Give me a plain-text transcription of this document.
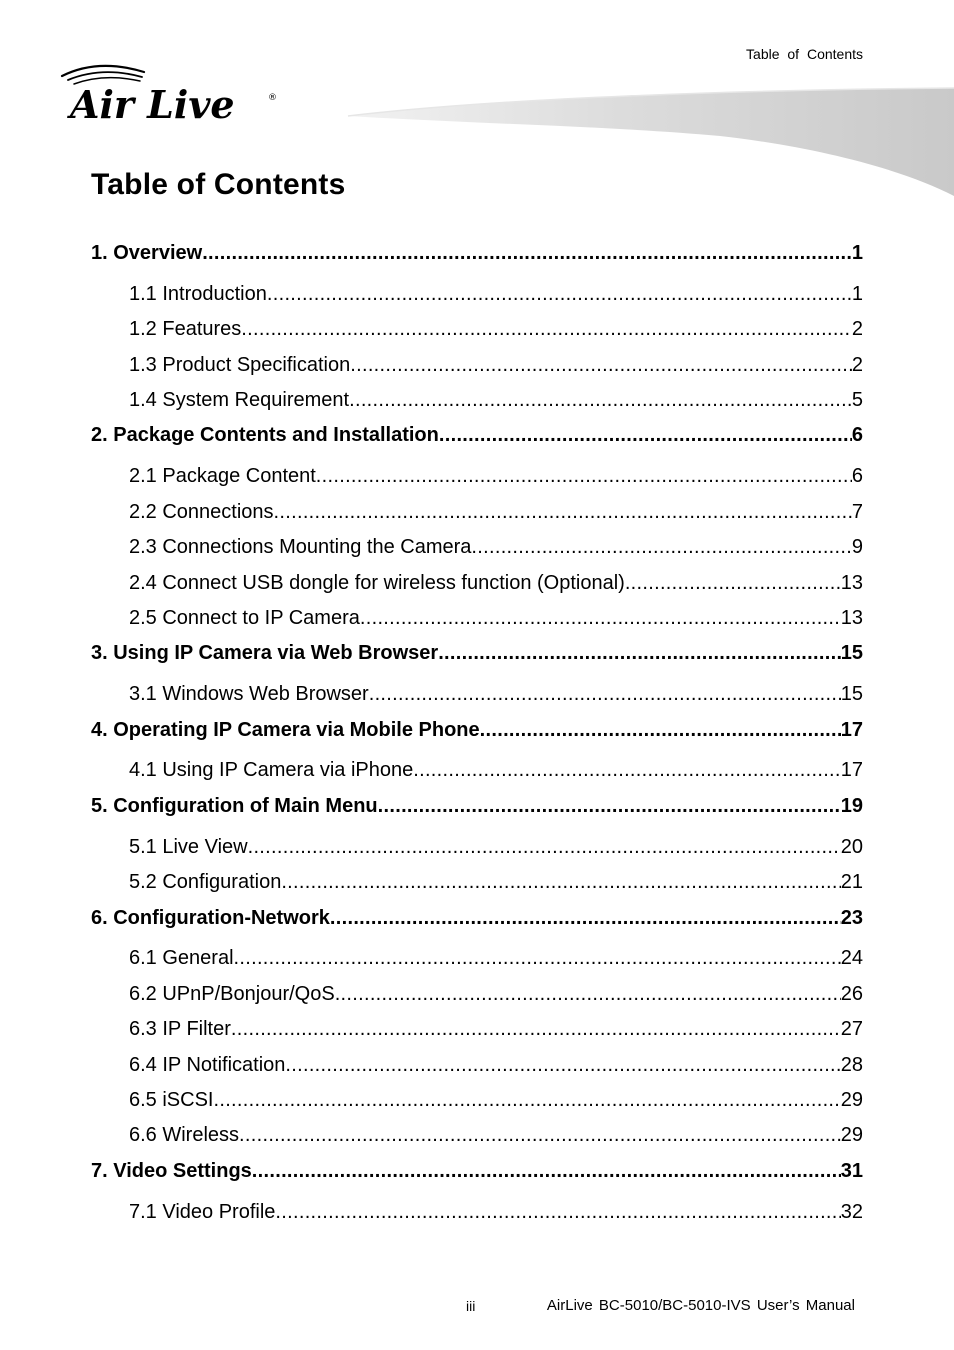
Table of Contents
Air Live	®
Table of Contents
1. Overview .....	1
1.1 Introduction .....	1
1.2 Features .....	2
1.3 Product Specification .....	2
1.4 System Requirement .....	5
2. Package Contents and Installation .....	6
2.1 Package Content .....	6
2.2 Connections .....	7
2.3 Connections Mounting the Camera .....	9
2.4 Connect USB dongle for wireless function (Optional) .....	13
2.5 Connect to IP Camera .....	13
3. Using IP Camera via Web Browser .....	15
3.1 Windows Web Browser .....	15
4. Operating IP Camera via Mobile Phone .....	17
4.1 Using IP Camera via iPhone .....	17
5. Configuration of Main Menu .....	19
5.1 Live View .....	20
5.2 Configuration .....	21
6. Configuration-Network .....	23
6.1 General .....	24
6.2 UPnP/Bonjour/QoS .....	26
6.3 IP Filter .....	27
6.4 IP Notification .....	28
6.5 iSCSI .....	29
6.6 Wireless .....	29
7. Video Settings .....	31
7.1 Video Profile .....	32
iii	AirLive BC-5010/BC-5010-IVS User’s Manual
